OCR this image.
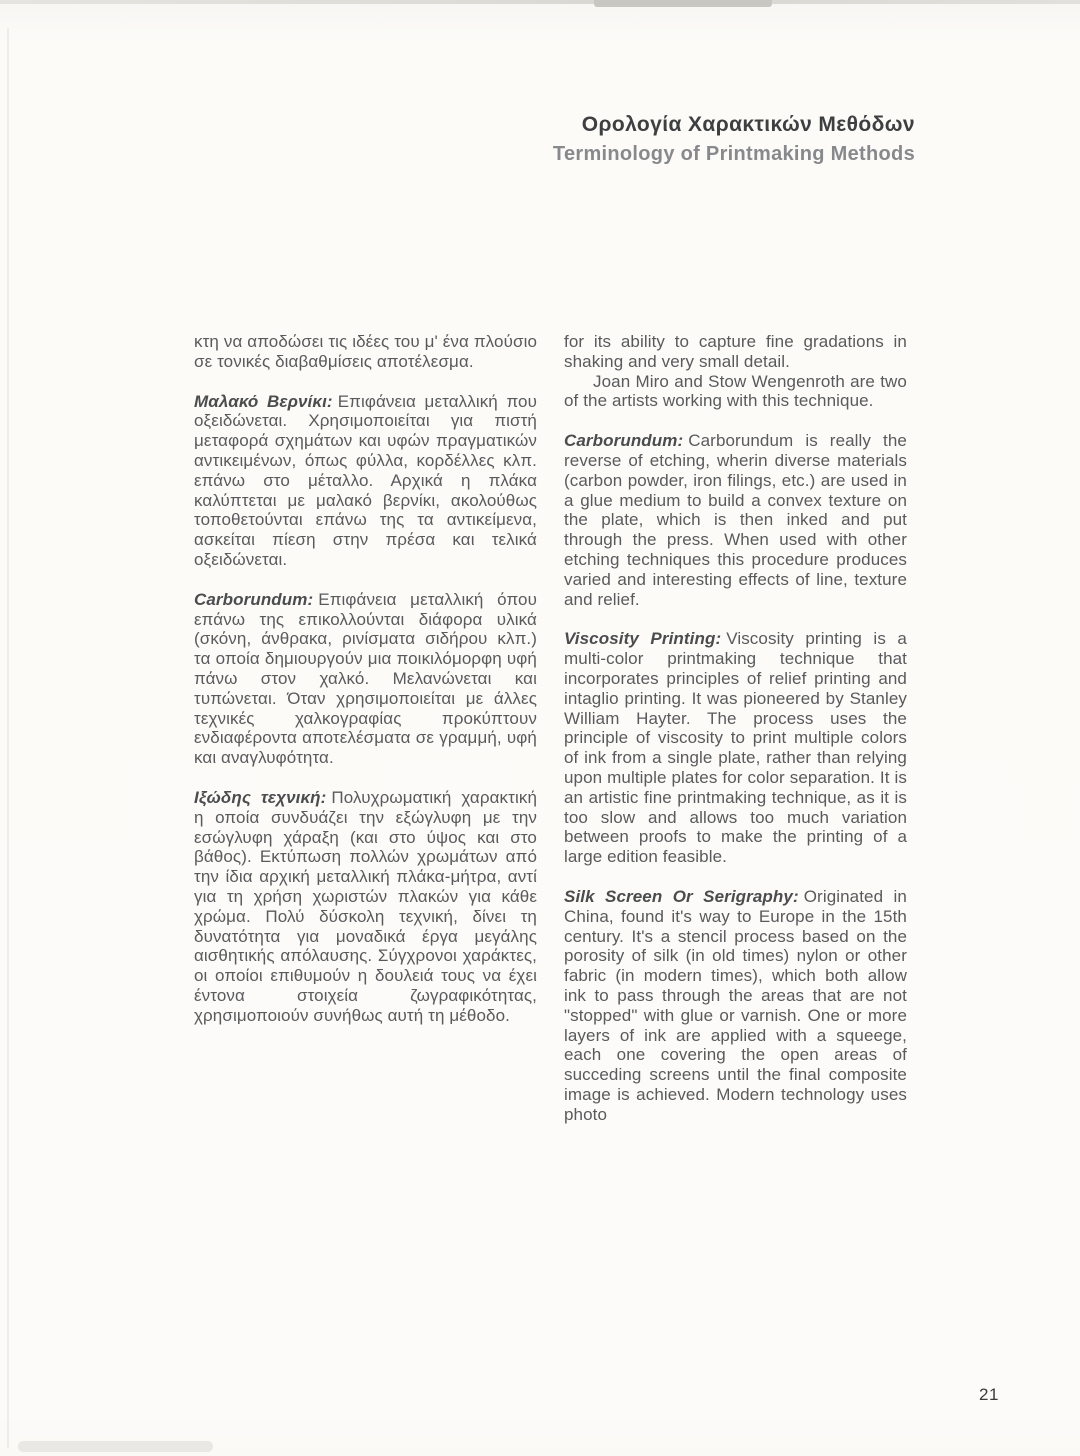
Ορολογία Χαρακτικών Μεθόδων
Terminology of Printmaking Methods

κτη να αποδώσει τις ιδέες του μ' ένα πλούσιο σε τονικές διαβαθμίσεις αποτέλεσμα.

Μαλακό Βερνίκι: Επιφάνεια μεταλλική που οξειδώνεται. Χρησιμοποιείται για πιστή μεταφορά σχημάτων και υφών πραγματικών αντικειμένων, όπως φύλλα, κορδέλλες κλπ. επάνω στο μέταλλο. Αρχικά η πλάκα καλύπτεται με μαλακό βερνίκι, ακολούθως τοποθετούνται επάνω της τα αντικείμενα, ασκείται πίεση στην πρέσα και τελικά οξειδώνεται.

Carborundum: Επιφάνεια μεταλλική όπου επάνω της επικολλούνται διάφορα υλικά (σκόνη, άνθρακα, ρινίσματα σιδήρου κλπ.) τα οποία δημιουργούν μια ποικιλόμορφη υφή πάνω στον χαλκό. Μελανώνεται και τυπώνεται. Όταν χρησιμοποιείται με άλλες τεχνικές χαλκογραφίας προκύπτουν ενδιαφέροντα αποτελέσματα σε γραμμή, υφή και αναγλυφότητα.

Ιξώδης τεχνική: Πολυχρωματική χαρακτική η οποία συνδυάζει την εξώγλυφη με την εσώγλυφη χάραξη (και στο ύψος και στο βάθος). Εκτύπωση πολλών χρωμάτων από την ίδια αρχική μεταλλική πλάκα-μήτρα, αντί για τη χρήση χωριστών πλακών για κάθε χρώμα. Πολύ δύσκολη τεχνική, δίνει τη δυνατότητα για μοναδικά έργα μεγάλης αισθητικής απόλαυσης. Σύγχρονοι χαράκτες, οι οποίοι επιθυμούν η δουλειά τους να έχει έντονα στοιχεία ζωγραφικότητας, χρησιμοποιούν συνήθως αυτή τη μέθοδο.

for its ability to capture fine gradations in shaking and very small detail.

Joan Miro and Stow Wengenroth are two of the artists working with this technique.

Carborundum: Carborundum is really the reverse of etching, wherin diverse materials (carbon powder, iron filings, etc.) are used in a glue medium to build a convex texture on the plate, which is then inked and put through the press. When used with other etching techniques this procedure produces varied and interesting effects of line, texture and relief.

Viscosity Printing: Viscosity printing is a multi-color printmaking technique that incorporates principles of relief printing and intaglio printing. It was pioneered by Stanley William Hayter. The process uses the principle of viscosity to print multiple colors of ink from a single plate, rather than relying upon multiple plates for color separation. It is an artistic fine printmaking technique, as it is too slow and allows too much variation between proofs to make the printing of a large edition feasible.

Silk Screen Or Serigraphy: Originated in China, found it's way to Europe in the 15th century. It's a stencil process based on the porosity of silk (in old times) nylon or other fabric (in modern times), which both allow ink to pass through the areas that are not "stopped" with glue or varnish. One or more layers of ink are applied with a squeege, each one covering the open areas of succeding screens until the final composite image is achieved. Modern technology uses photo

21
